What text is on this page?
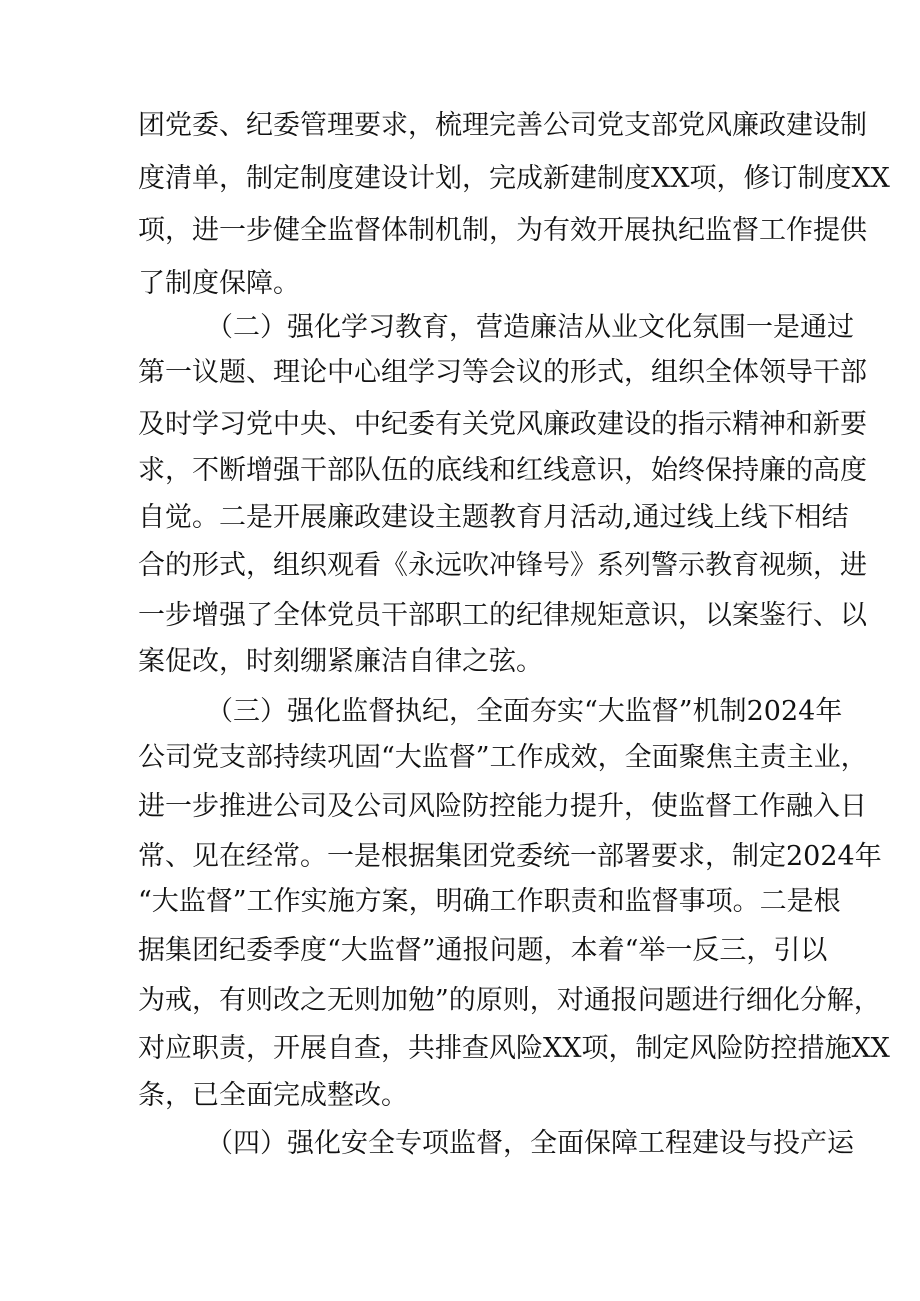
团党委、纪委管理要求，梳理完善公司党支部党风廉政建设制
度清单，制定制度建设计划，完成新建制度XX项，修订制度XX
项，进一步健全监督体制机制，为有效开展执纪监督工作提供
了制度保障。
（二）强化学习教育，营造廉洁从业文化氛围一是通过
第一议题、理论中心组学习等会议的形式，组织全体领导干部
及时学习党中央、中纪委有关党风廉政建设的指示精神和新要
求，不断增强干部队伍的底线和红线意识，始终保持廉的高度
自觉。二是开展廉政建设主题教育月活动,通过线上线下相结
合的形式，组织观看《永远吹冲锋号》系列警示教育视频，进
一步增强了全体党员干部职工的纪律规矩意识，以案鉴行、以
案促改，时刻绷紧廉洁自律之弦。
（三）强化监督执纪，全面夯实“大监督”机制2024年
公司党支部持续巩固“大监督”工作成效，全面聚焦主责主业，
进一步推进公司及公司风险防控能力提升，使监督工作融入日
常、见在经常。一是根据集团党委统一部署要求，制定2024年
“大监督”工作实施方案，明确工作职责和监督事项。二是根
据集团纪委季度“大监督”通报问题，本着“举一反三，引以
为戒，有则改之无则加勉”的原则，对通报问题进行细化分解，
对应职责，开展自查，共排查风险XX项，制定风险防控措施XX
条，已全面完成整改。
（四）强化安全专项监督，全面保障工程建设与投产运
